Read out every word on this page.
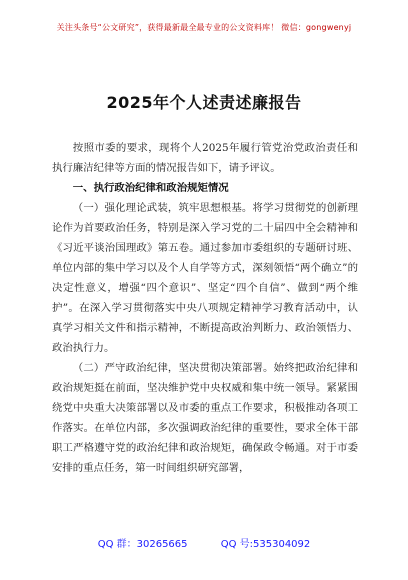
关注头条号“公文研究”，获得最新最全最专业的公文资料库！ 微信：gongwenyj
2025年个人述责述廉报告

按照市委的要求，现将个人2025年履行管党治党政治责任和执行廉洁纪律等方面的情况报告如下，请予评议。

一、执行政治纪律和政治规矩情况

（一）强化理论武装，筑牢思想根基。将学习贯彻党的创新理论作为首要政治任务，特别是深入学习党的二十届四中全会精神和《习近平谈治国理政》第五卷。通过参加市委组织的专题研讨班、单位内部的集中学习以及个人自学等方式，深刻领悟“两个确立”的决定性意义，增强“四个意识”、坚定“四个自信”、做到“两个维护”。在深入学习贯彻落实中央八项规定精神学习教育活动中，认真学习相关文件和指示精神，不断提高政治判断力、政治领悟力、政治执行力。

（二）严守政治纪律，坚决贯彻决策部署。始终把政治纪律和政治规矩挺在前面，坚决维护党中央权威和集中统一领导。紧紧围绕党中央重大决策部署以及市委的重点工作要求，积极推动各项工作落实。在单位内部，多次强调政治纪律的重要性，要求全体干部职工严格遵守党的政治纪律和政治规矩，确保政令畅通。对于市委安排的重点任务，第一时间组织研究部署，

QQ 群：30265665	QQ 号:535304092
